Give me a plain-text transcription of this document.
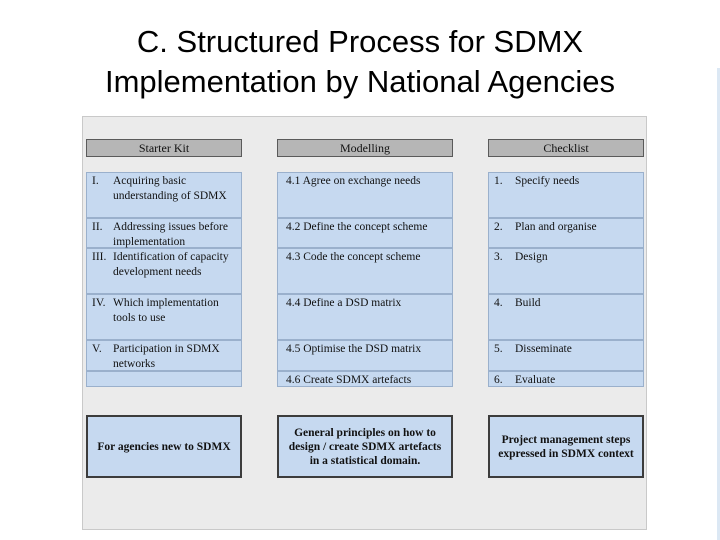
C. Structured Process for SDMX
Implementation by National Agencies
Starter Kit
I. Acquiring basic understanding of SDMX
II. Addressing issues before implementation
III. Identification of capacity development needs
IV. Which implementation tools to use
V. Participation in SDMX networks
For agencies new to SDMX
Modelling
4.1 Agree on exchange needs
4.2 Define the concept scheme
4.3 Code the concept scheme
4.4 Define a DSD matrix
4.5 Optimise the DSD matrix
4.6 Create SDMX artefacts
General principles on how to design / create SDMX artefacts in a statistical domain.
Checklist
1. Specify needs
2. Plan and organise
3. Design
4. Build
5. Disseminate
6. Evaluate
Project management steps expressed in SDMX context
